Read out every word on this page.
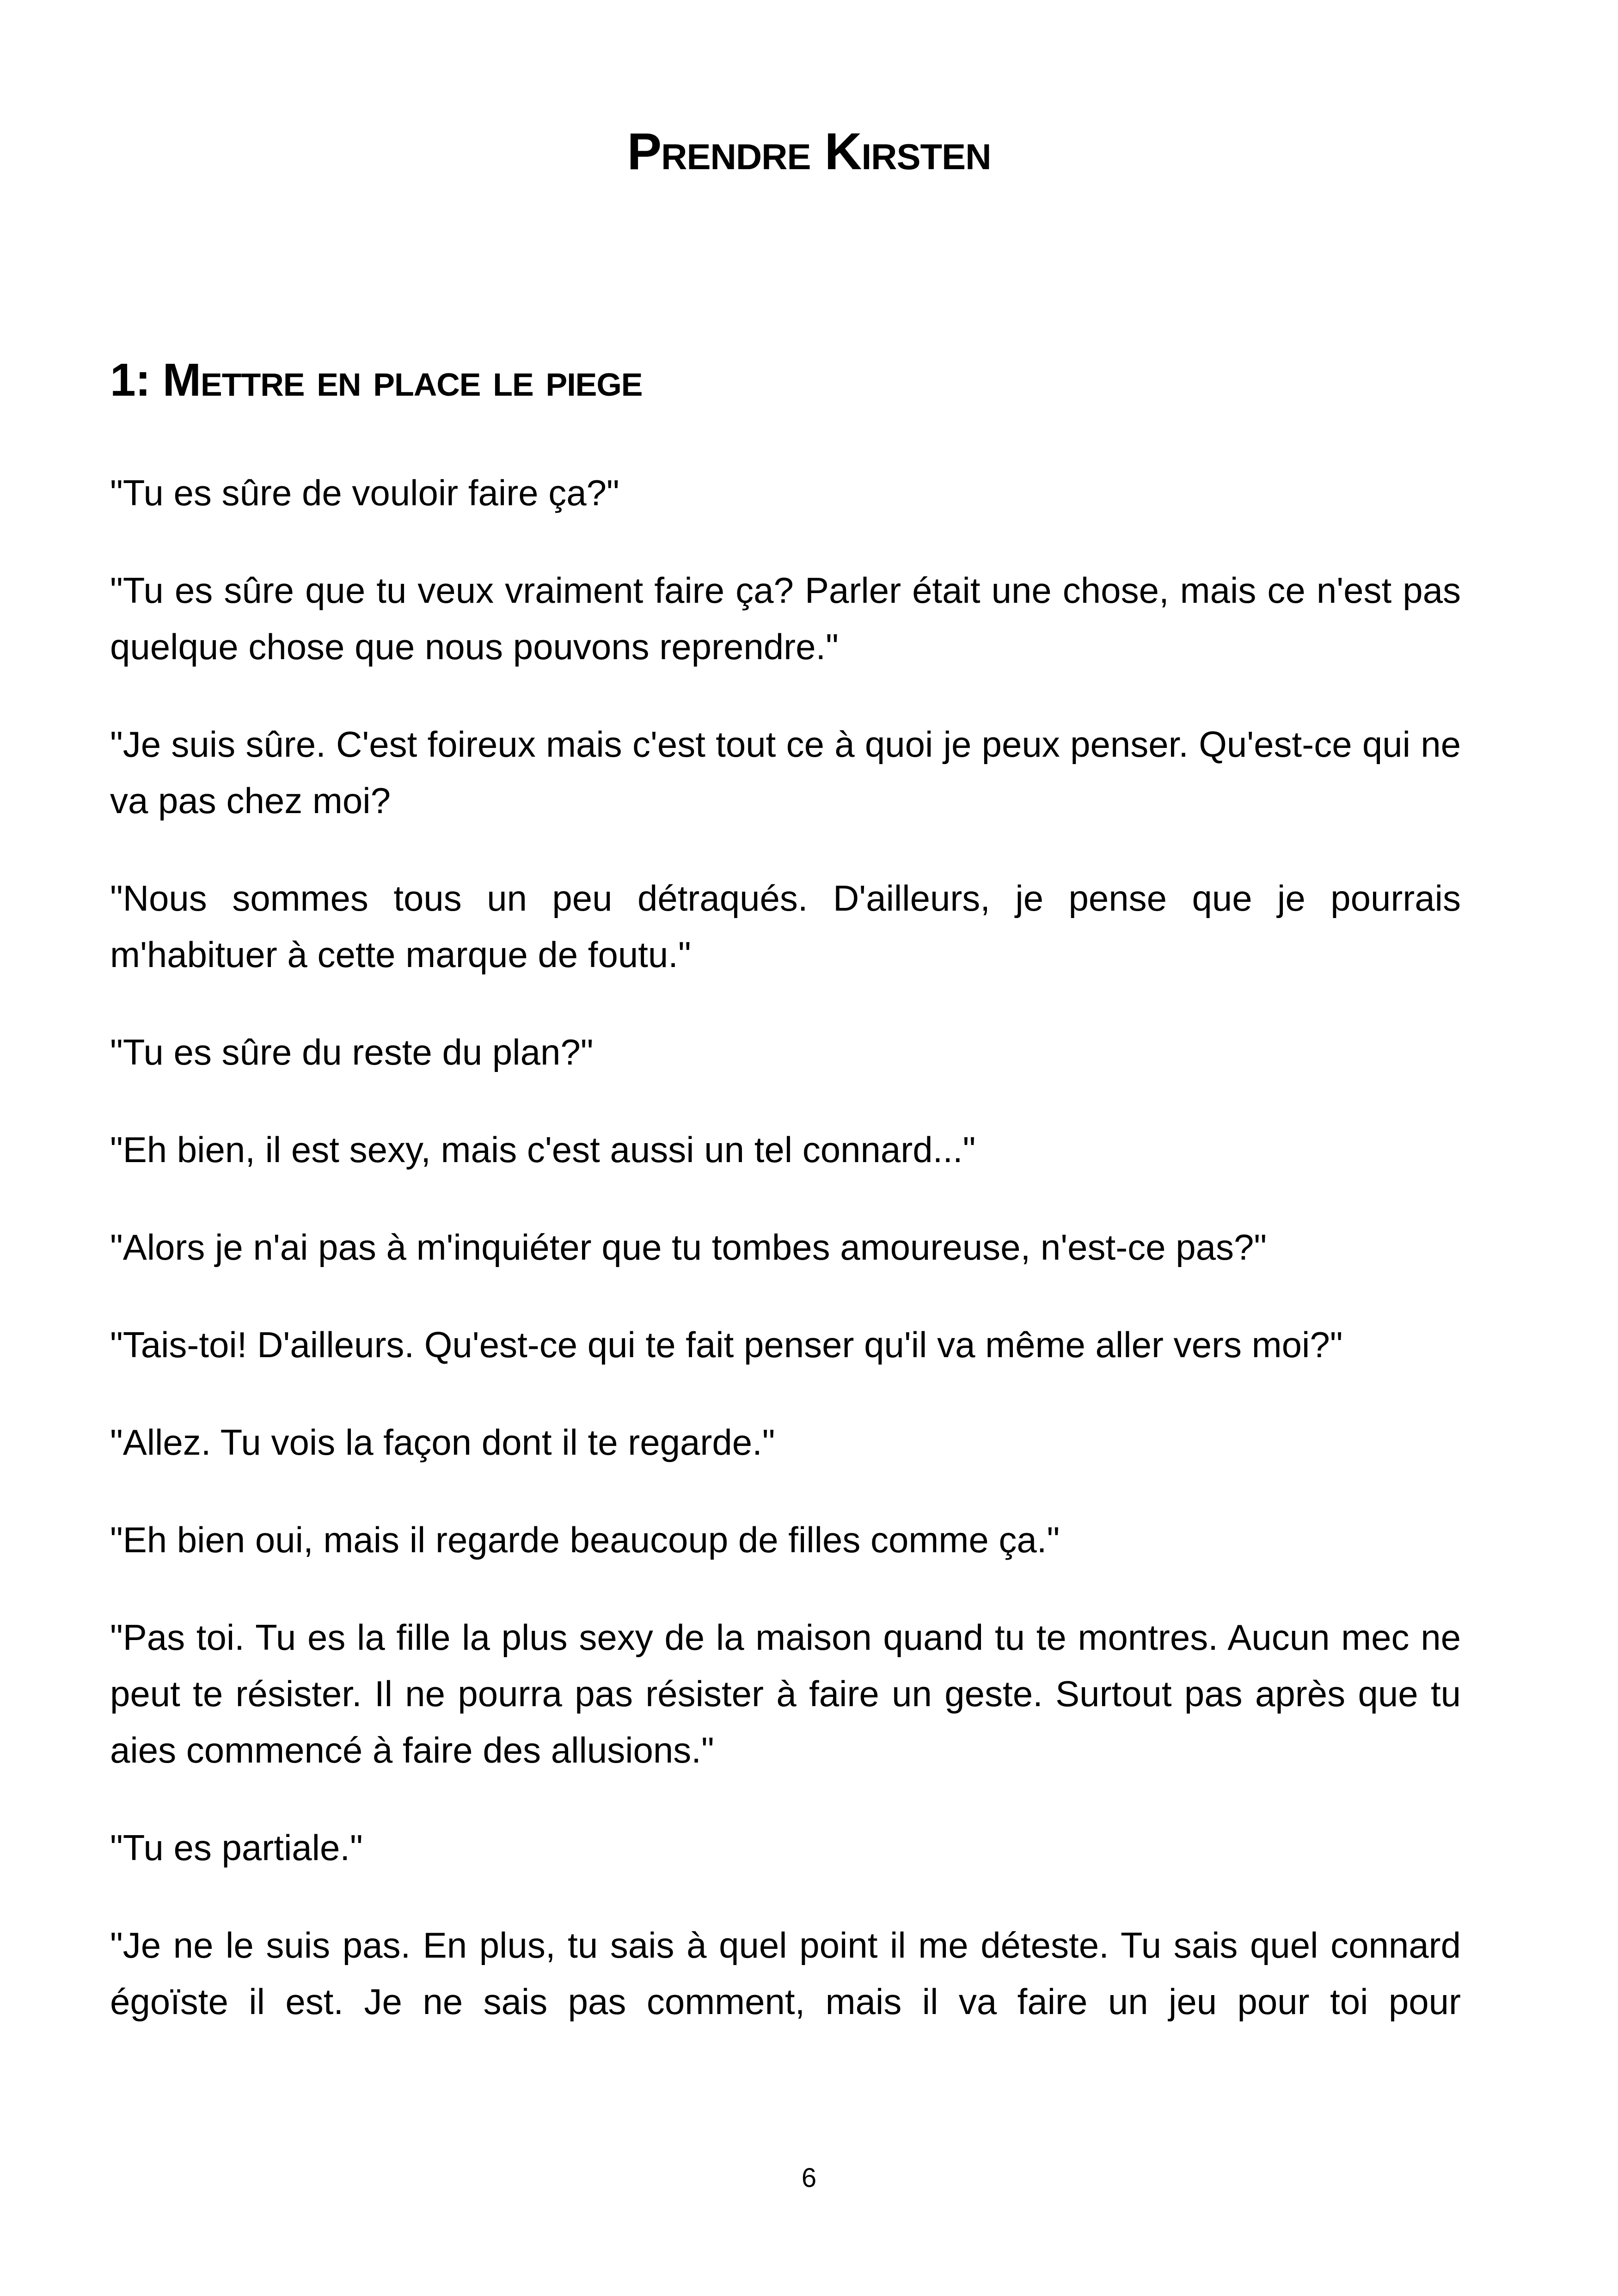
Prendre Kirsten
1: Mettre en place le piege

"Tu es sûre de vouloir faire ça?"

"Tu es sûre que tu veux vraiment faire ça? Parler était une chose, mais ce n'est pas quelque chose que nous pouvons reprendre."

"Je suis sûre. C'est foireux mais c'est tout ce à quoi je peux penser. Qu'est-ce qui ne va pas chez moi?

"Nous sommes tous un peu détraqués. D'ailleurs, je pense que je pourrais m'habituer à cette marque de foutu."

"Tu es sûre du reste du plan?"

"Eh bien, il est sexy, mais c'est aussi un tel connard..."

"Alors je n'ai pas à m'inquiéter que tu tombes amoureuse, n'est-ce pas?"

"Tais-toi! D'ailleurs. Qu'est-ce qui te fait penser qu'il va même aller vers moi?"

"Allez. Tu vois la façon dont il te regarde."

"Eh bien oui, mais il regarde beaucoup de filles comme ça."

"Pas toi. Tu es la fille la plus sexy de la maison quand tu te montres. Aucun mec ne peut te résister. Il ne pourra pas résister à faire un geste. Surtout pas après que tu aies commencé à faire des allusions."

"Tu es partiale."

"Je ne le suis pas. En plus, tu sais à quel point il me déteste. Tu sais quel connard égoïste il est. Je ne sais pas comment, mais il va faire un jeu pour toi pour

6
